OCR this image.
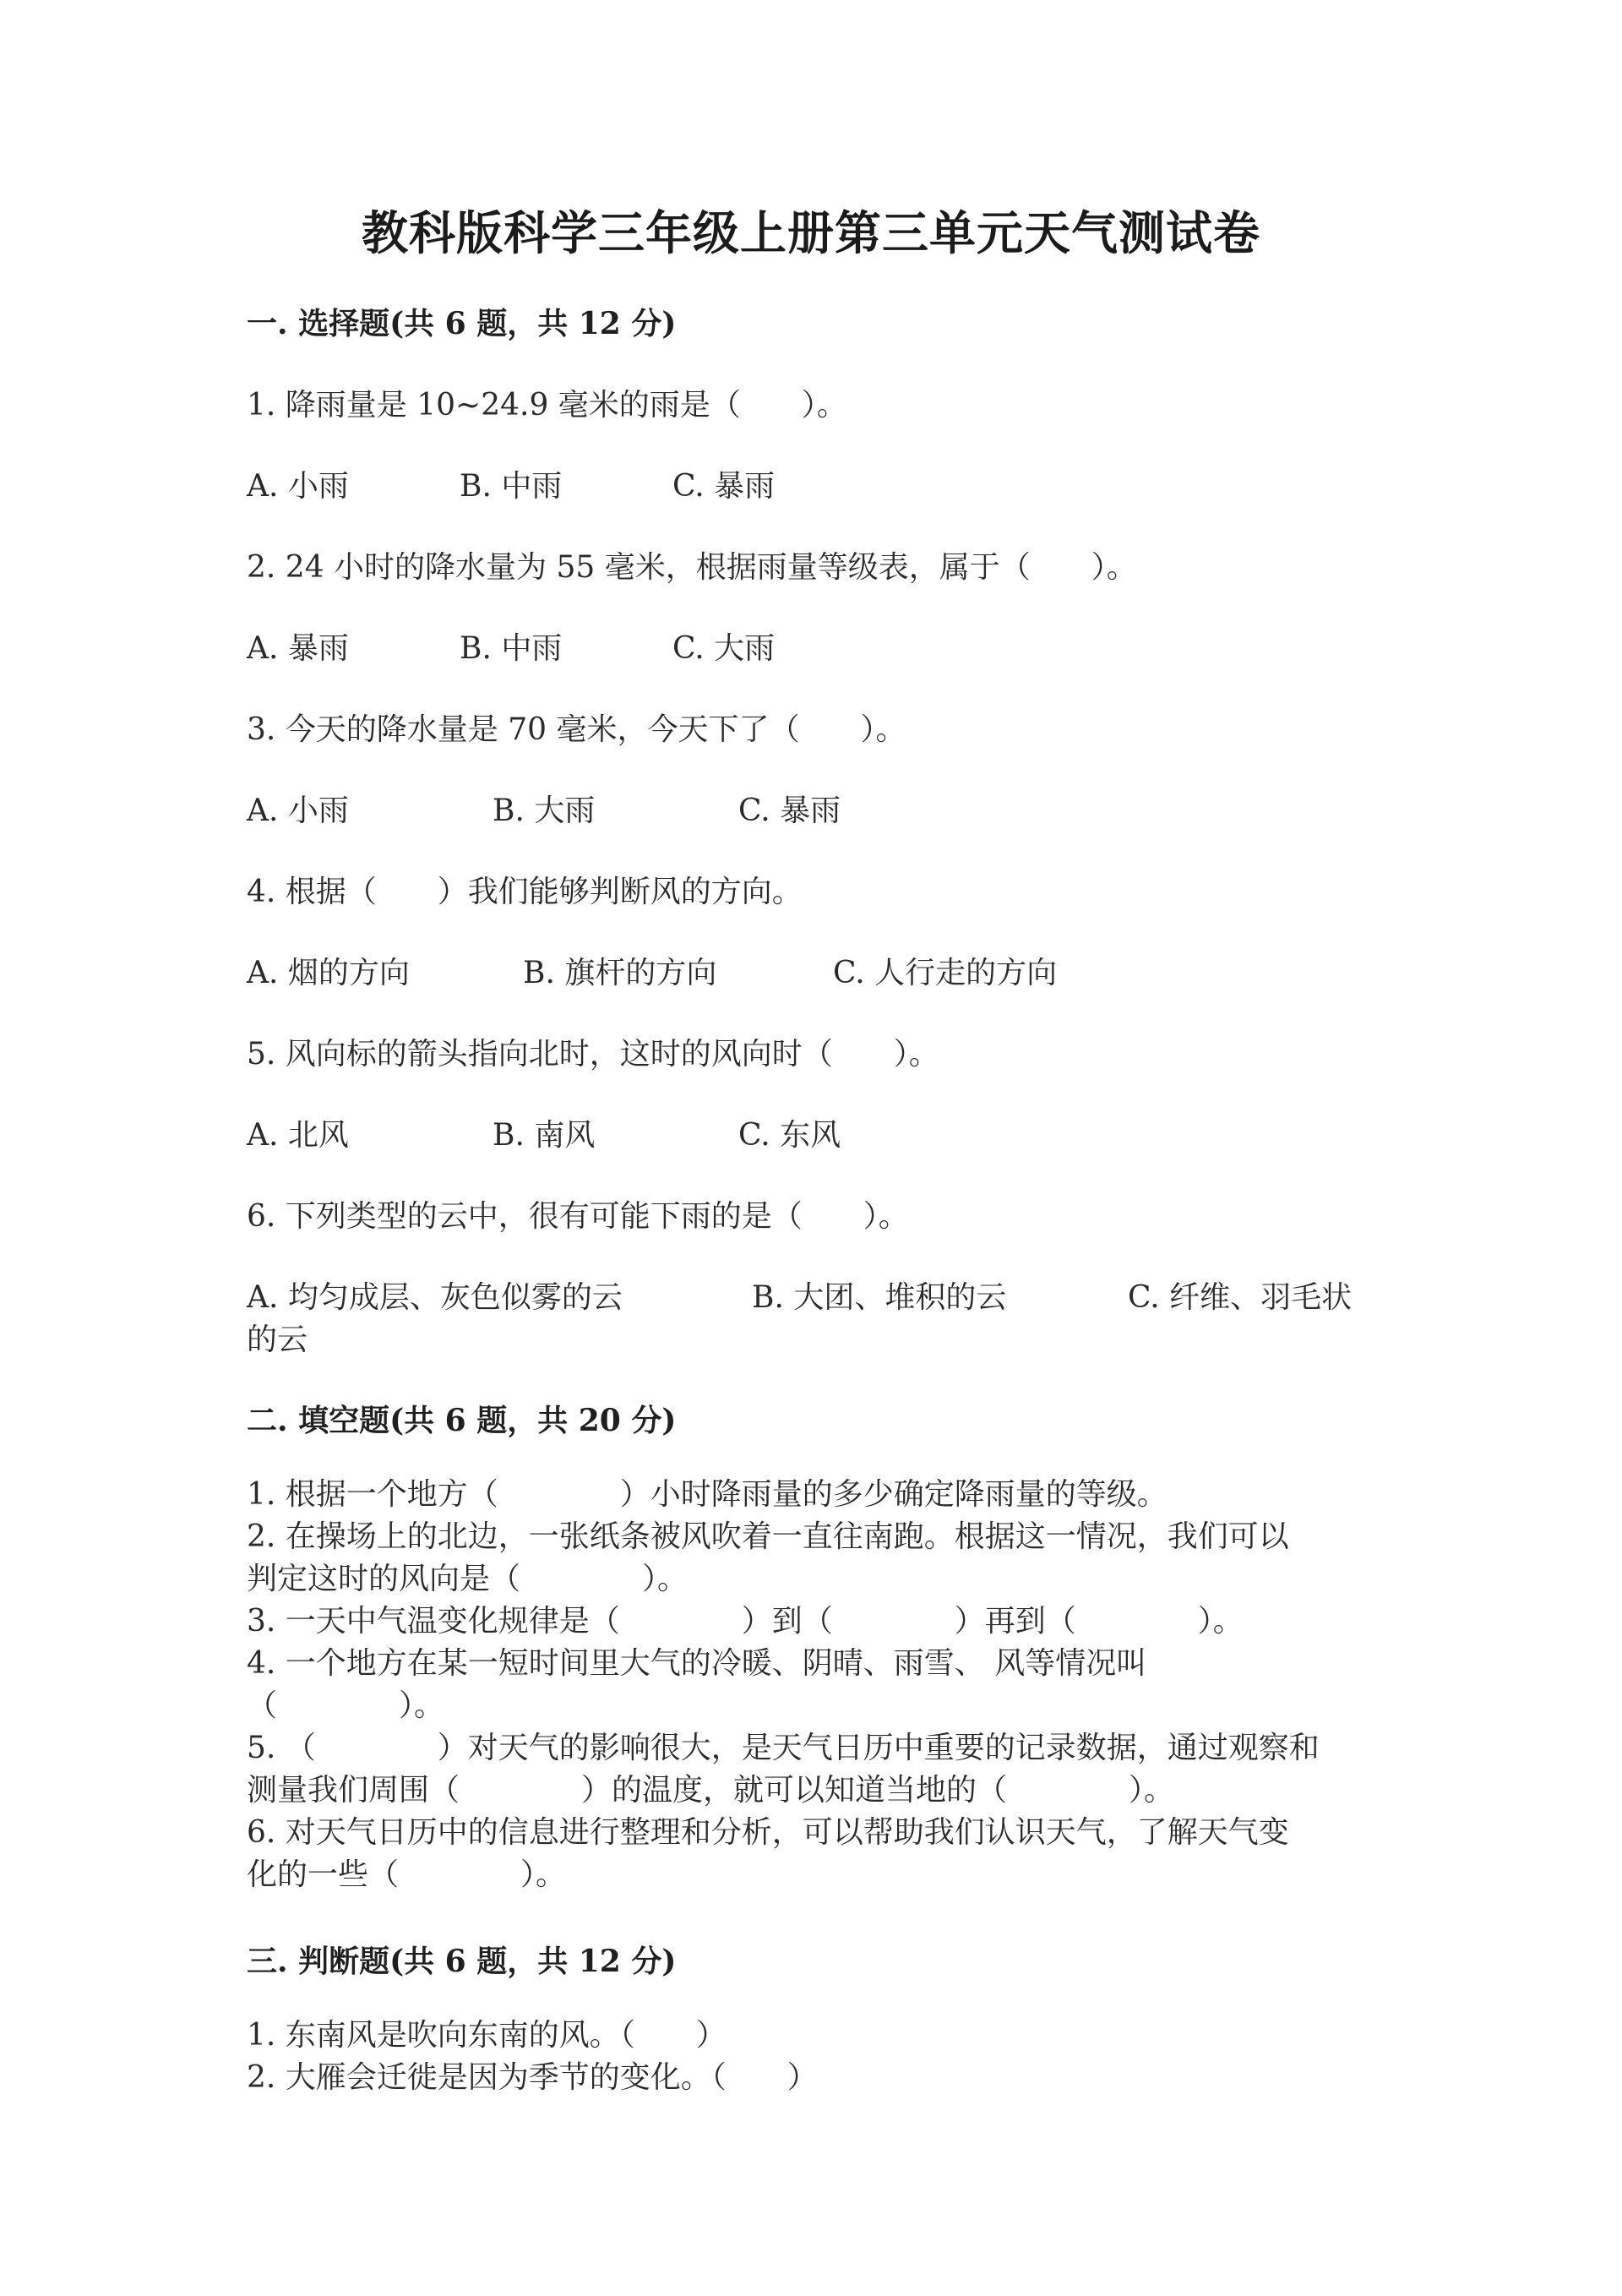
教科版科学三年级上册第三单元天气测试卷
一. 选择题(共 6 题，共 12 分)
1. 降雨量是 10~24.9 毫米的雨是（　　）。
A. 小雨	B. 中雨	C. 暴雨
2. 24 小时的降水量为 55 毫米，根据雨量等级表，属于（　　）。
A. 暴雨	B. 中雨	C. 大雨
3. 今天的降水量是 70 毫米，今天下了（　　）。
A. 小雨	B. 大雨	C. 暴雨
4. 根据（　　）我们能够判断风的方向。
A. 烟的方向	B. 旗杆的方向	C. 人行走的方向
5. 风向标的箭头指向北时，这时的风向时（　　）。
A. 北风	B. 南风	C. 东风
6. 下列类型的云中，很有可能下雨的是（　　）。
A. 均匀成层、灰色似雾的云	B. 大团、堆积的云	C. 纤维、羽毛状
的云
二. 填空题(共 6 题，共 20 分)
1. 根据一个地方（　　　　）小时降雨量的多少确定降雨量的等级。
2. 在操场上的北边，一张纸条被风吹着一直往南跑。根据这一情况，我们可以
判定这时的风向是（　　　　）。
3. 一天中气温变化规律是（　　　　）到（　　　　）再到（　　　　）。
4. 一个地方在某一短时间里大气的冷暖、阴晴、雨雪、 风等情况叫
（　　　　）。
5. （　　　　）对天气的影响很大，是天气日历中重要的记录数据，通过观察和
测量我们周围（　　　　）的温度，就可以知道当地的（　　　　）。
6. 对天气日历中的信息进行整理和分析，可以帮助我们认识天气，了解天气变
化的一些（　　　　）。
三. 判断题(共 6 题，共 12 分)
1. 东南风是吹向东南的风。（　　）
2. 大雁会迁徙是因为季节的变化。（　　）
